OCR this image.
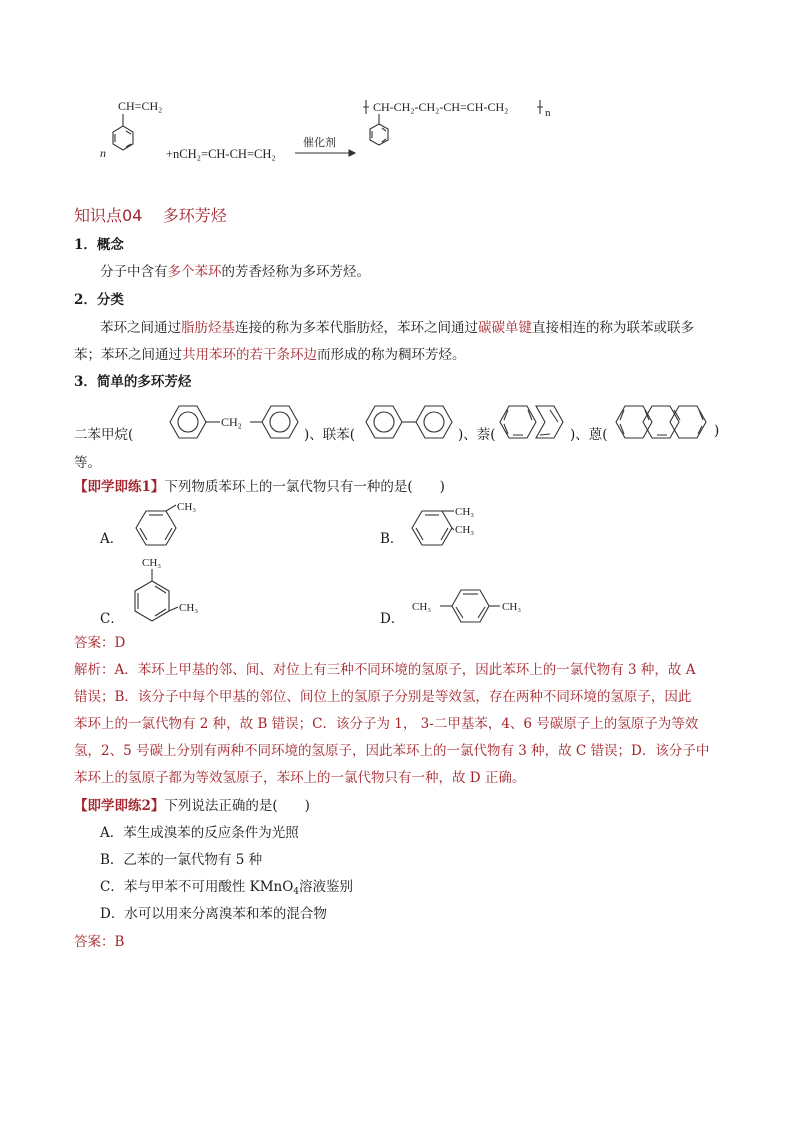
CH=CH₂
n	+nCH₂=CH-CH=CH₂
催化剂
CH-CH₂-CH₂-CH=CH-CH₂	n
知识点04 多环芳烃
1．概念
分子中含有多个苯环的芳香烃称为多环芳烃。
2．分类
苯环之间通过脂肪烃基连接的称为多苯代脂肪烃，苯环之间通过碳碳单键直接相连的称为联苯或联多
苯；苯环之间通过共用苯环的若干条环边而形成的称为稠环芳烃。
3．简单的多环芳烃
二苯甲烷(
CH₂
)、联苯(	)、萘(	)、蒽(	)
等。
【即学即练1】下列物质苯环上的一氯代物只有一种的是(　　)
A．
CH₃
B．
CH₃
CH₃
C．
CH₃
CH₃
D．
CH₃	CH₃
答案：D
解析：A．苯环上甲基的邻、间、对位上有三种不同环境的氢原子，因此苯环上的一氯代物有 3 种，故 A
错误；B．该分子中每个甲基的邻位、间位上的氢原子分别是等效氢，存在两种不同环境的氢原子，因此
苯环上的一氯代物有 2 种，故 B 错误；C．该分子为 1， 3-二甲基苯，4、6 号碳原子上的氢原子为等效
氢，2、5 号碳上分别有两种不同环境的氢原子，因此苯环上的一氯代物有 3 种，故 C 错误；D．该分子中
苯环上的氢原子都为等效氢原子，苯环上的一氯代物只有一种，故 D 正确。
【即学即练2】下列说法正确的是(　　)
A．苯生成溴苯的反应条件为光照
B．乙苯的一氯代物有 5 种
C．苯与甲苯不可用酸性 KMnO$_4$溶液鉴别
D．水可以用来分离溴苯和苯的混合物
答案：B
